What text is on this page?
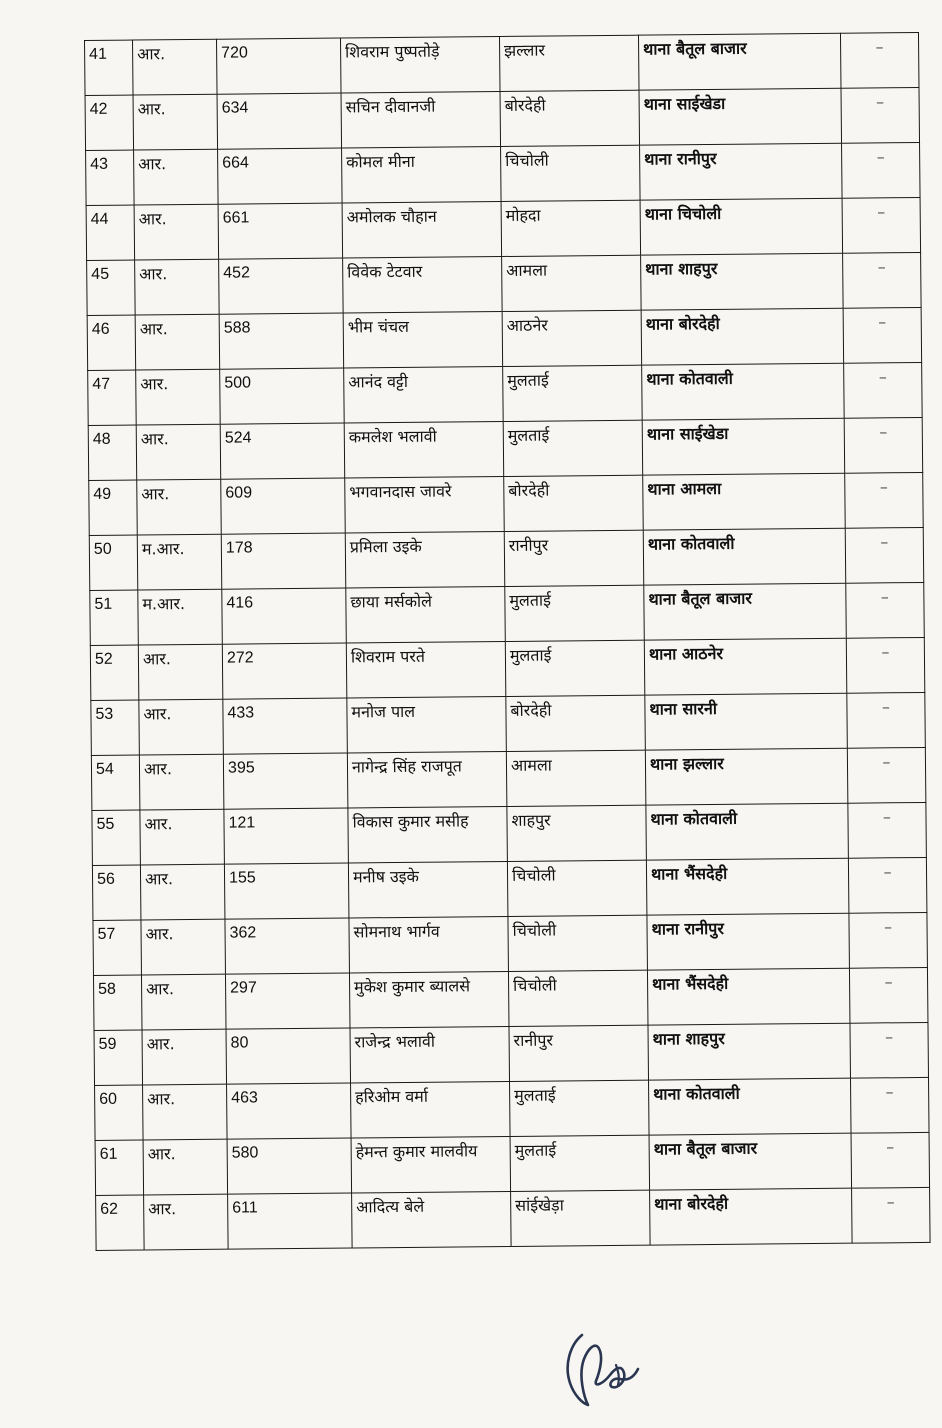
41	आर.	720	शिवराम पुष्पतोड़े	झल्लार	थाना बैतूल बाजार	–
42	आर.	634	सचिन दीवानजी	बोरदेही	थाना साईखेडा	–
43	आर.	664	कोमल मीना	चिचोली	थाना रानीपुर	–
44	आर.	661	अमोलक चौहान	मोहदा	थाना चिचोली	–
45	आर.	452	विवेक टेटवार	आमला	थाना शाहपुर	–
46	आर.	588	भीम चंचल	आठनेर	थाना बोरदेही	–
47	आर.	500	आनंद वट्टी	मुलताई	थाना कोतवाली	–
48	आर.	524	कमलेश भलावी	मुलताई	थाना साईखेडा	–
49	आर.	609	भगवानदास जावरे	बोरदेही	थाना आमला	–
50	म.आर.	178	प्रमिला उइके	रानीपुर	थाना कोतवाली	–
51	म.आर.	416	छाया मर्सकोले	मुलताई	थाना बैतूल बाजार	–
52	आर.	272	शिवराम परते	मुलताई	थाना आठनेर	–
53	आर.	433	मनोज पाल	बोरदेही	थाना सारनी	–
54	आर.	395	नागेन्द्र सिंह राजपूत	आमला	थाना झल्लार	–
55	आर.	121	विकास कुमार मसीह	शाहपुर	थाना कोतवाली	–
56	आर.	155	मनीष उइके	चिचोली	थाना भैंसदेही	–
57	आर.	362	सोमनाथ भार्गव	चिचोली	थाना रानीपुर	–
58	आर.	297	मुकेश कुमार ब्यालसे	चिचोली	थाना भैंसदेही	–
59	आर.	80	राजेन्द्र भलावी	रानीपुर	थाना शाहपुर	–
60	आर.	463	हरिओम वर्मा	मुलताई	थाना कोतवाली	–
61	आर.	580	हेमन्त कुमार मालवीय	मुलताई	थाना बैतूल बाजार	–
62	आर.	611	आदित्य बेले	सांईखेड़ा	थाना बोरदेही	–
